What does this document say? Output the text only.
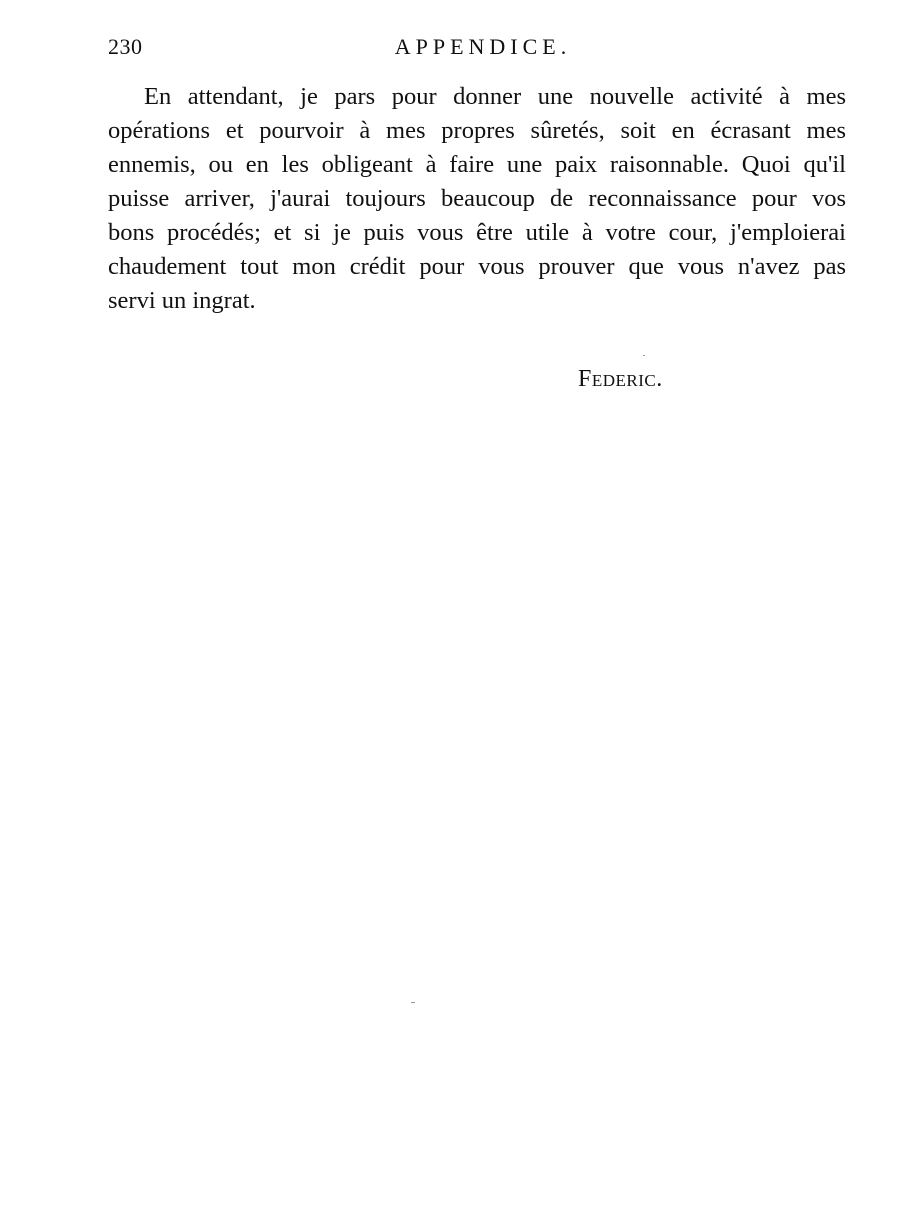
230	APPENDICE.

En attendant, je pars pour donner une nouvelle activité à mes
opérations et pourvoir à mes propres sûretés, soit en écrasant mes
ennemis, ou en les obligeant à faire une paix raisonnable. Quoi qu'il
puisse arriver, j'aurai toujours beaucoup de reconnaissance pour vos
bons procédés; et si je puis vous être utile à votre cour, j'emploierai
chaudement tout mon crédit pour vous prouver que vous n'avez pas
servi un ingrat.

Federic.
